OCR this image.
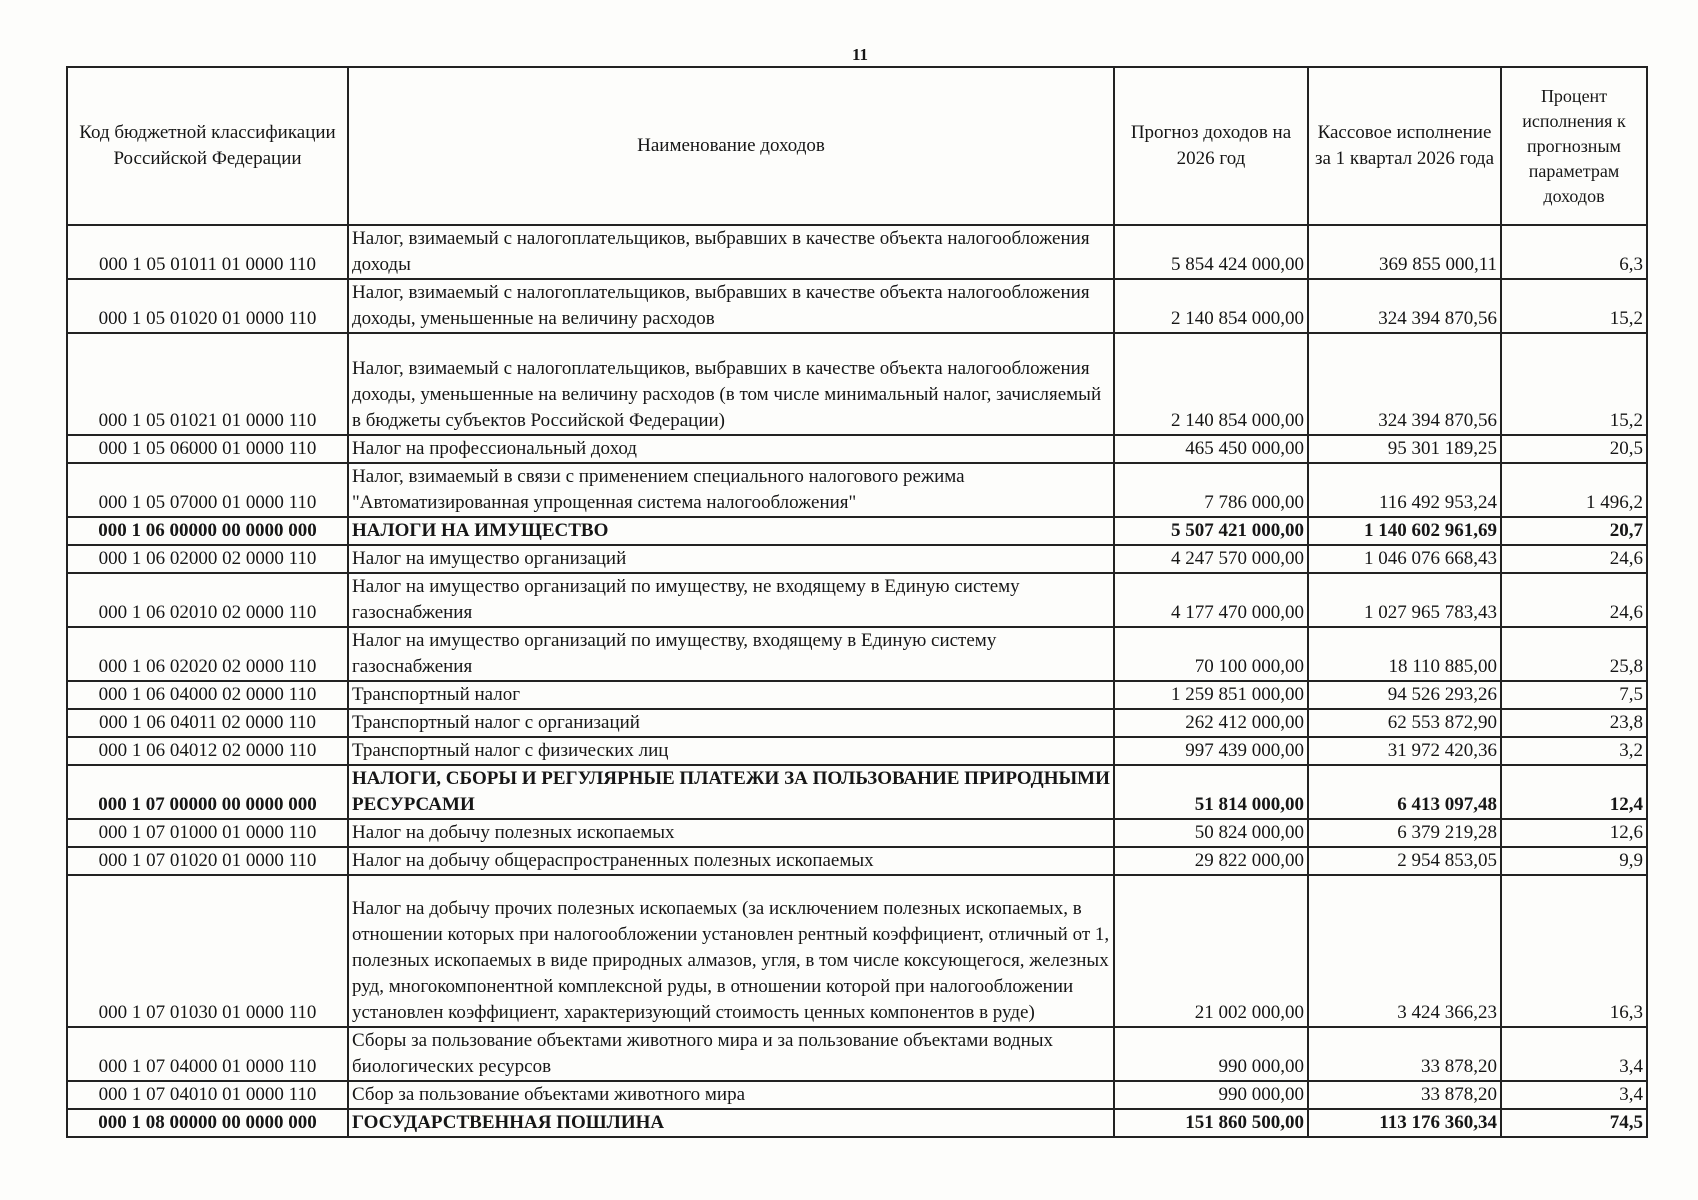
11
Код бюджетной классификации Российской Федерации	Наименование доходов	Прогноз доходов на 2026 год	Кассовое исполнение за 1 квартал 2026 года	Процент исполнения к прогнозным параметрам доходов
000 1 05 01011 01 0000 110	Налог, взимаемый с налогоплательщиков, выбравших в качестве объекта налогообложения доходы	5 854 424 000,00	369 855 000,11	6,3
000 1 05 01020 01 0000 110	Налог, взимаемый с налогоплательщиков, выбравших в качестве объекта налогообложения доходы, уменьшенные на величину расходов	2 140 854 000,00	324 394 870,56	15,2
000 1 05 01021 01 0000 110	Налог, взимаемый с налогоплательщиков, выбравших в качестве объекта налогообложения доходы, уменьшенные на величину расходов (в том числе минимальный налог, зачисляемый в бюджеты субъектов Российской Федерации)	2 140 854 000,00	324 394 870,56	15,2
000 1 05 06000 01 0000 110	Налог на профессиональный доход	465 450 000,00	95 301 189,25	20,5
000 1 05 07000 01 0000 110	Налог, взимаемый в связи с применением специального налогового режима "Автоматизированная упрощенная система налогообложения"	7 786 000,00	116 492 953,24	1 496,2
000 1 06 00000 00 0000 000	НАЛОГИ НА ИМУЩЕСТВО	5 507 421 000,00	1 140 602 961,69	20,7
000 1 06 02000 02 0000 110	Налог на имущество организаций	4 247 570 000,00	1 046 076 668,43	24,6
000 1 06 02010 02 0000 110	Налог на имущество организаций по имуществу, не входящему в Единую систему газоснабжения	4 177 470 000,00	1 027 965 783,43	24,6
000 1 06 02020 02 0000 110	Налог на имущество организаций по имуществу, входящему в Единую систему газоснабжения	70 100 000,00	18 110 885,00	25,8
000 1 06 04000 02 0000 110	Транспортный налог	1 259 851 000,00	94 526 293,26	7,5
000 1 06 04011 02 0000 110	Транспортный налог с организаций	262 412 000,00	62 553 872,90	23,8
000 1 06 04012 02 0000 110	Транспортный налог с физических лиц	997 439 000,00	31 972 420,36	3,2
000 1 07 00000 00 0000 000	НАЛОГИ, СБОРЫ И РЕГУЛЯРНЫЕ ПЛАТЕЖИ ЗА ПОЛЬЗОВАНИЕ ПРИРОДНЫМИ РЕСУРСАМИ	51 814 000,00	6 413 097,48	12,4
000 1 07 01000 01 0000 110	Налог на добычу полезных ископаемых	50 824 000,00	6 379 219,28	12,6
000 1 07 01020 01 0000 110	Налог на добычу общераспространенных полезных ископаемых	29 822 000,00	2 954 853,05	9,9
000 1 07 01030 01 0000 110	Налог на добычу прочих полезных ископаемых (за исключением полезных ископаемых, в отношении которых при налогообложении установлен рентный коэффициент, отличный от 1, полезных ископаемых в виде природных алмазов, угля, в том числе коксующегося, железных руд, многокомпонентной комплексной руды, в отношении которой при налогообложении установлен коэффициент, характеризующий стоимость ценных компонентов в руде)	21 002 000,00	3 424 366,23	16,3
000 1 07 04000 01 0000 110	Сборы за пользование объектами животного мира и за пользование объектами водных биологических ресурсов	990 000,00	33 878,20	3,4
000 1 07 04010 01 0000 110	Сбор за пользование объектами животного мира	990 000,00	33 878,20	3,4
000 1 08 00000 00 0000 000	ГОСУДАРСТВЕННАЯ ПОШЛИНА	151 860 500,00	113 176 360,34	74,5
